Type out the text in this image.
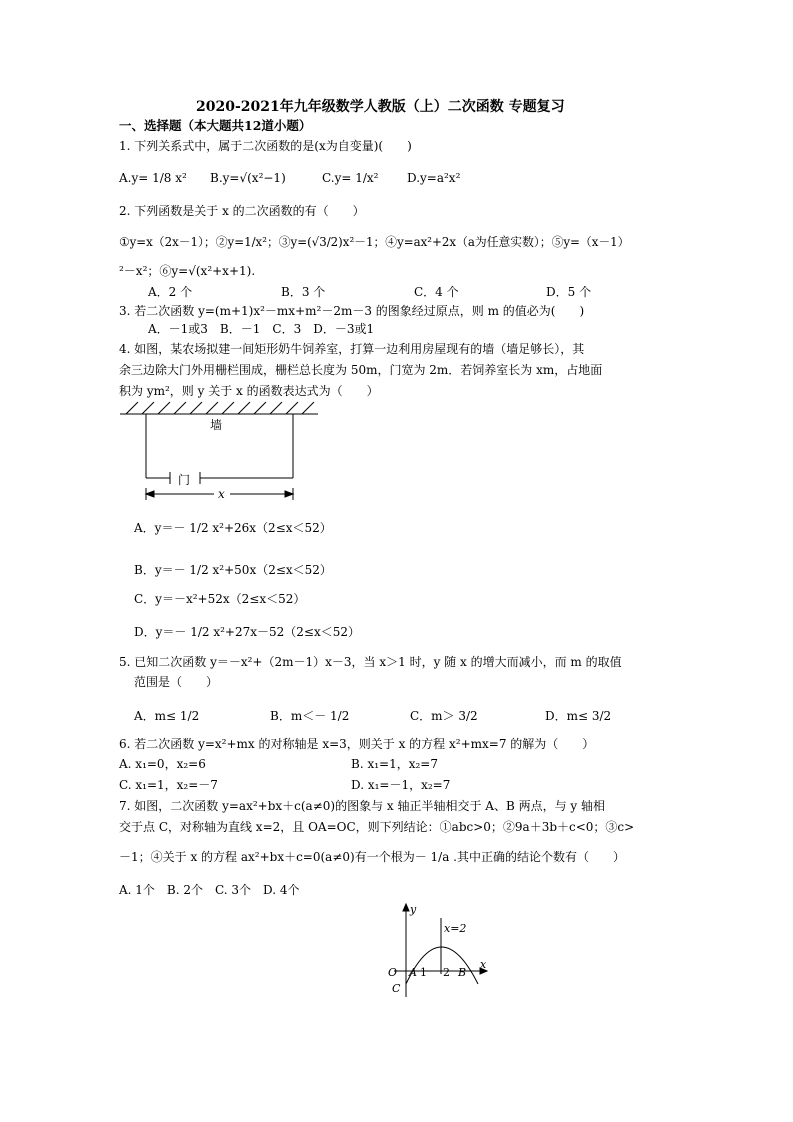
2020-2021年九年级数学人教版（上）二次函数 专题复习
一、选择题（本大题共12道小题）
1. 下列关系式中，属于二次函数的是(x为自变量)(　　)
A.y= 1/8 x² B.y=√(x²−1)	C.y= 1/x² D.y=a²x²
2. 下列函数是关于 x 的二次函数的有（　　）
①y=x（2x－1）；②y=1/x²；③y=(√3/2)x²－1；④y=ax²+2x（a为任意实数）；⑤y=（x－1）
²－x²；⑥y=√(x²+x+1).
A．2 个	B．3 个	C．4 个	D．5 个
3. 若二次函数 y=(m+1)x²－mx+m²－2m－3 的图象经过原点，则 m 的值必为(　　)
A．－1或3　B．－1　C．3　D．－3或1
4. 如图，某农场拟建一间矩形奶牛饲养室，打算一边利用房屋现有的墙（墙足够长），其
余三边除大门外用栅栏围成，栅栏总长度为 50m，门宽为 2m．若饲养室长为 xm，占地面
积为 ym²，则 y 关于 x 的函数表达式为（　　）
墙
门
x
A．y＝－ 1/2 x²+26x（2≤x＜52）
B．y＝－ 1/2 x²+50x（2≤x＜52）
C．y＝－x²+52x（2≤x＜52）
D．y＝－ 1/2 x²+27x－52（2≤x＜52）
5. 已知二次函数 y＝－x²+（2m－1）x－3，当 x＞1 时，y 随 x 的增大而减小，而 m 的取值
范围是（　　）
A．m≤ 1/2	B．m＜－ 1/2	C．m＞ 3/2	D．m≤ 3/2
6. 若二次函数 y=x²+mx 的对称轴是 x=3，则关于 x 的方程 x²+mx=7 的解为（　　）
A. x₁=0，x₂=6	B. x₁=1，x₂=7
C. x₁=1，x₂=－7	D. x₁=－1，x₂=7
7. 如图，二次函数 y=ax²+bx＋c(a≠0)的图象与 x 轴正半轴相交于 A、B 两点，与 y 轴相
交于点 C，对称轴为直线 x=2，且 OA=OC，则下列结论：①abc>0；②9a＋3b＋c<0；③c>
－1；④关于 x 的方程 ax²+bx＋c=0(a≠0)有一个根为－ 1/a .其中正确的结论个数有（　　）
A. 1个　B. 2个　C. 3个　D. 4个
y
x
x=2
O A 1 2 B
C
